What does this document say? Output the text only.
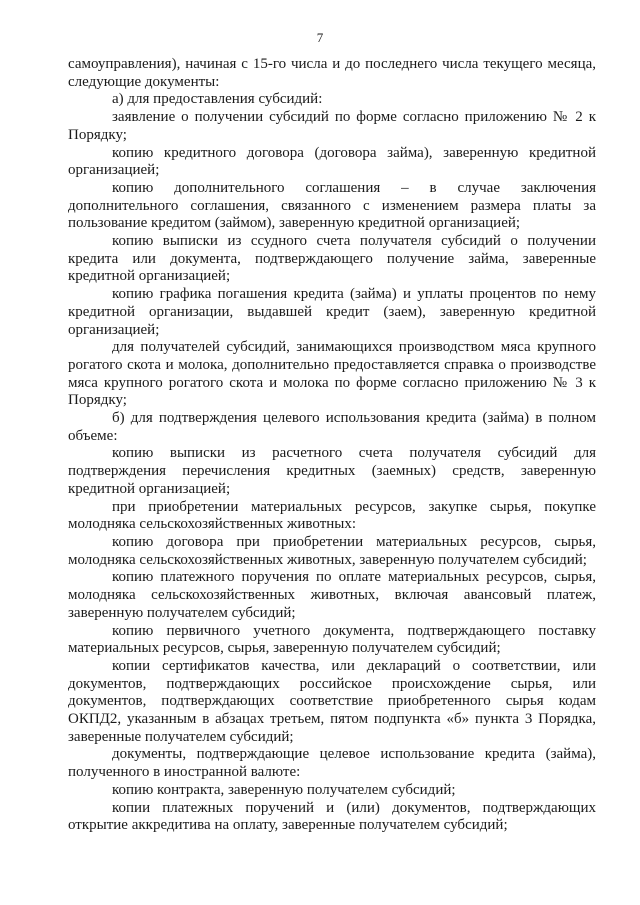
7

самоуправления), начиная с 15-го числа и до последнего числа текущего месяца, следующие документы:

а) для предоставления субсидий:

заявление о получении субсидий по форме согласно приложению № 2 к Порядку;

копию кредитного договора (договора займа), заверенную кредитной организацией;

копию дополнительного соглашения – в случае заключения дополнительного соглашения, связанного с изменением размера платы за пользование кредитом (займом), заверенную кредитной организацией;

копию выписки из ссудного счета получателя субсидий о получении кредита или документа, подтверждающего получение займа, заверенные кредитной организацией;

копию графика погашения кредита (займа) и уплаты процентов по нему кредитной организации, выдавшей кредит (заем), заверенную кредитной организацией;

для получателей субсидий, занимающихся производством мяса крупного рогатого скота и молока, дополнительно предоставляется справка о производстве мяса крупного рогатого скота и молока по форме согласно приложению № 3 к Порядку;

б) для подтверждения целевого использования кредита (займа) в полном объеме:

копию выписки из расчетного счета получателя субсидий для подтверждения перечисления кредитных (заемных) средств, заверенную кредитной организацией;

при приобретении материальных ресурсов, закупке сырья, покупке молодняка сельскохозяйственных животных:

копию договора при приобретении материальных ресурсов, сырья, молодняка сельскохозяйственных животных, заверенную получателем субсидий;

копию платежного поручения по оплате материальных ресурсов, сырья, молодняка сельскохозяйственных животных, включая авансовый платеж, заверенную получателем субсидий;

копию первичного учетного документа, подтверждающего поставку материальных ресурсов, сырья, заверенную получателем субсидий;

копии сертификатов качества, или деклараций о соответствии, или документов, подтверждающих российское происхождение сырья, или документов, подтверждающих соответствие приобретенного сырья кодам ОКПД2, указанным в абзацах третьем, пятом подпункта «б» пункта 3 Порядка, заверенные получателем субсидий;

документы, подтверждающие целевое использование кредита (займа), полученного в иностранной валюте:

копию контракта, заверенную получателем субсидий;

копии платежных поручений и (или) документов, подтверждающих открытие аккредитива на оплату, заверенные получателем субсидий;
